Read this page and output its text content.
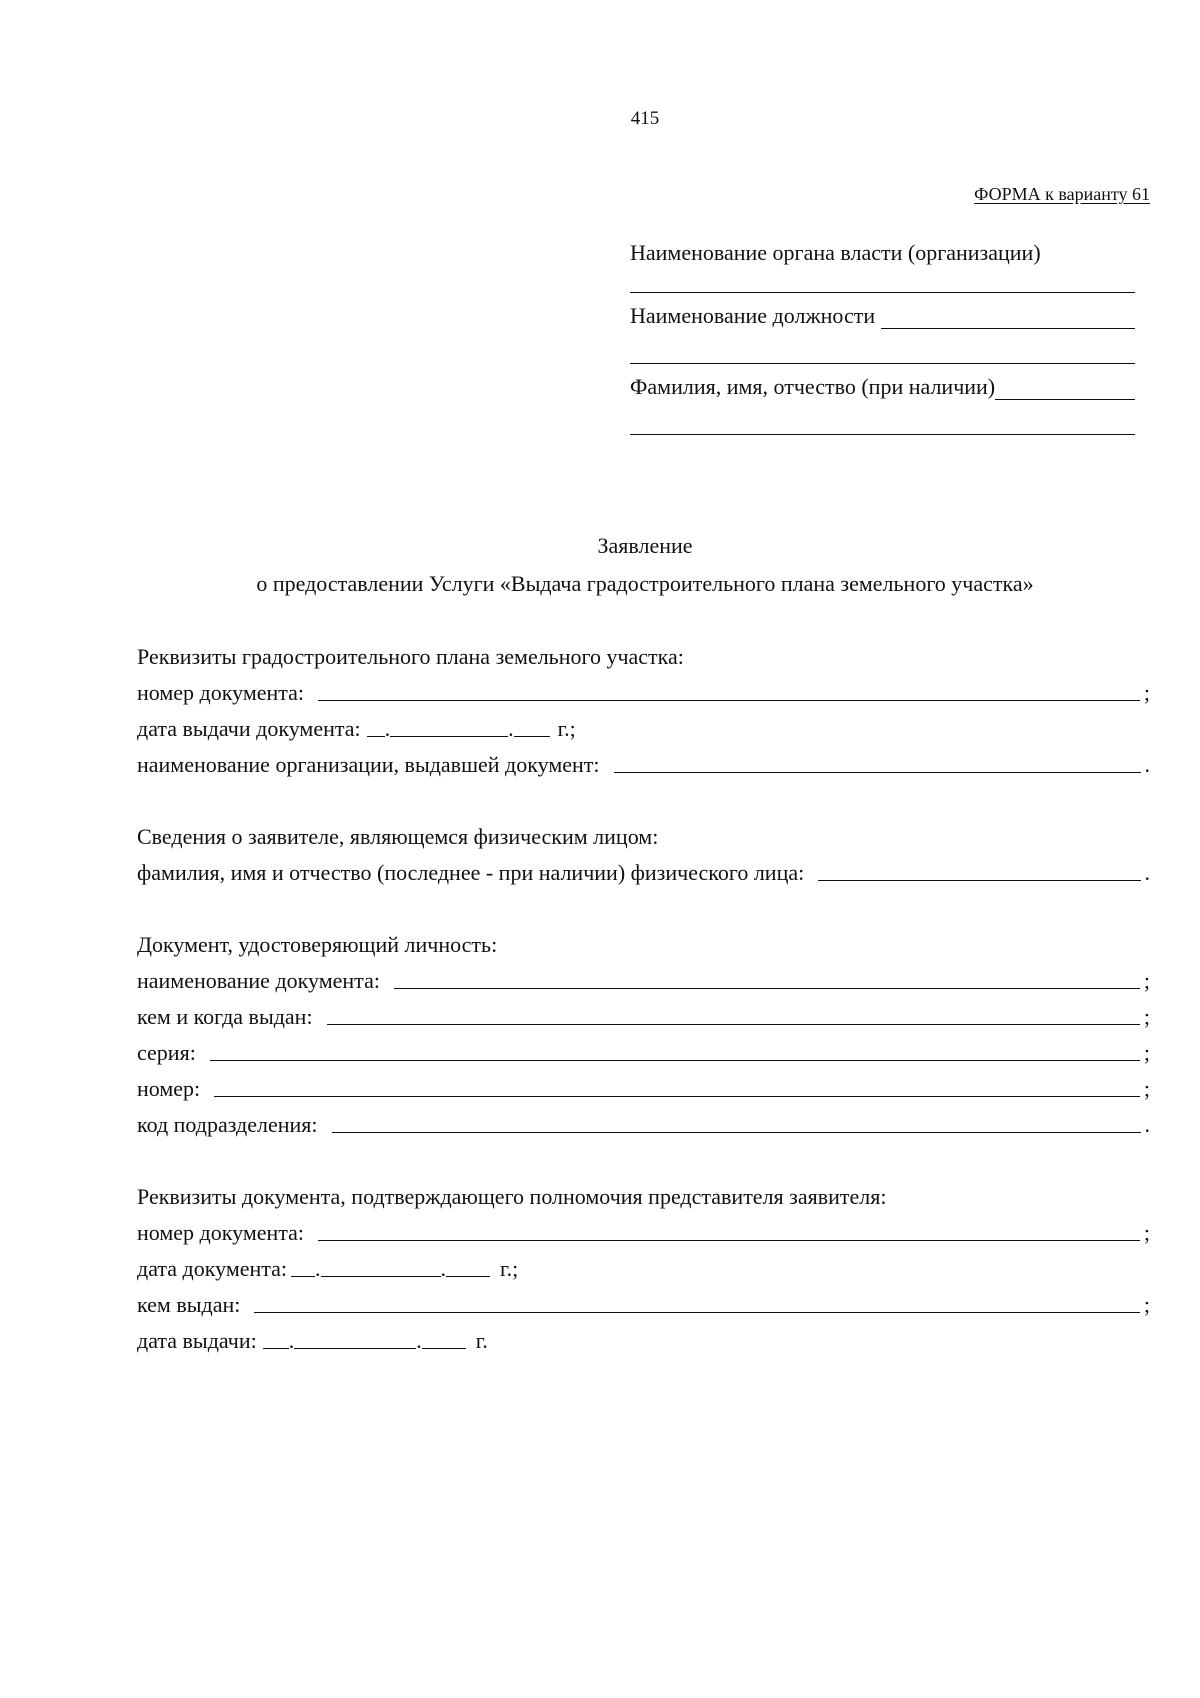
415
ФОРМА к варианту 61
Наименование органа власти (организации)
Наименование должности
Фамилия, имя, отчество (при наличии)
Заявление
о предоставлении Услуги «Выдача градостроительного плана земельного участка»
Реквизиты градостроительного плана земельного участка:
номер документа:	;
дата выдачи документа: .	. г.;
наименование организации, выдавшей документ:	.
Сведения о заявителе, являющемся физическим лицом:
фамилия, имя и отчество (последнее - при наличии) физического лица:	.
Документ, удостоверяющий личность:
наименование документа:	;
кем и когда выдан:	;
серия:	;
номер:	;
код подразделения:	.
Реквизиты документа, подтверждающего полномочия представителя заявителя:
номер документа:	;
дата документа: .	. г.;
кем выдан:	;
дата выдачи: .	. г.
